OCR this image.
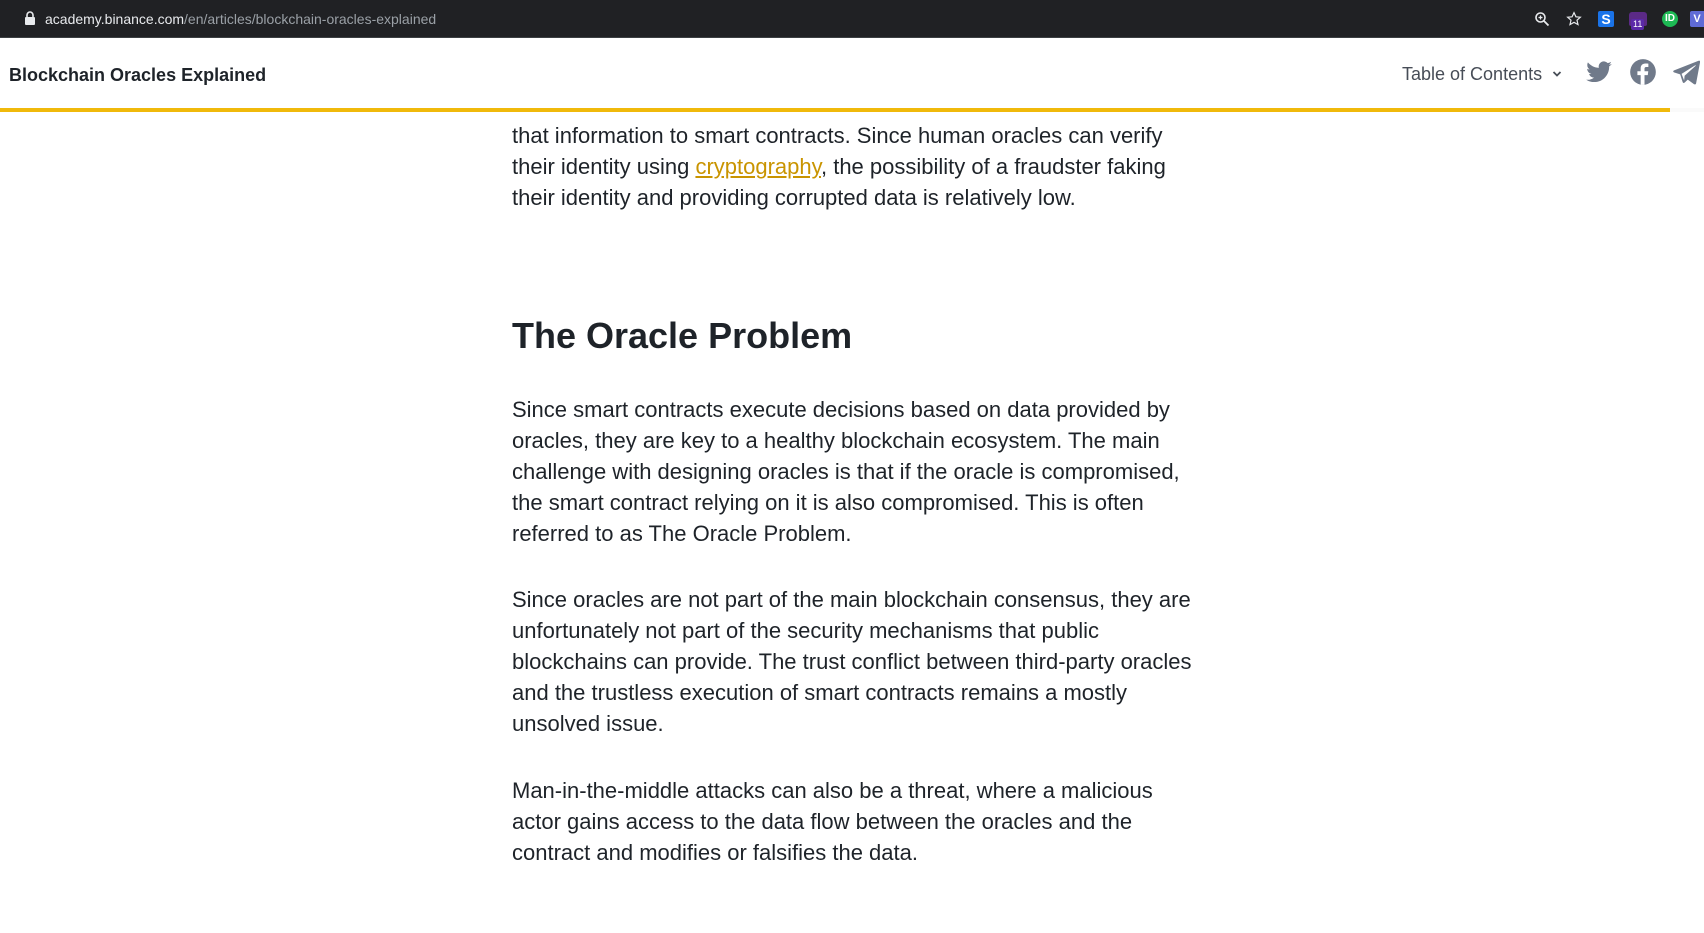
academy.binance.com/en/articles/blockchain-oracles-explained	S	11	ID	V
Blockchain Oracles Explained	Table of Contents

that information to smart contracts. Since human oracles can verify
their identity using cryptography, the possibility of a fraudster faking
their identity and providing corrupted data is relatively low.

The Oracle Problem

Since smart contracts execute decisions based on data provided by oracles, they are key to a healthy blockchain ecosystem. The main challenge with designing oracles is that if the oracle is compromised, the smart contract relying on it is also compromised. This is often referred to as The Oracle Problem.

Since oracles are not part of the main blockchain consensus, they are unfortunately not part of the security mechanisms that public blockchains can provide. The trust conflict between third-party oracles and the trustless execution of smart contracts remains a mostly unsolved issue.

Man-in-the-middle attacks can also be a threat, where a malicious actor gains access to the data flow between the oracles and the contract and modifies or falsifies the data.
